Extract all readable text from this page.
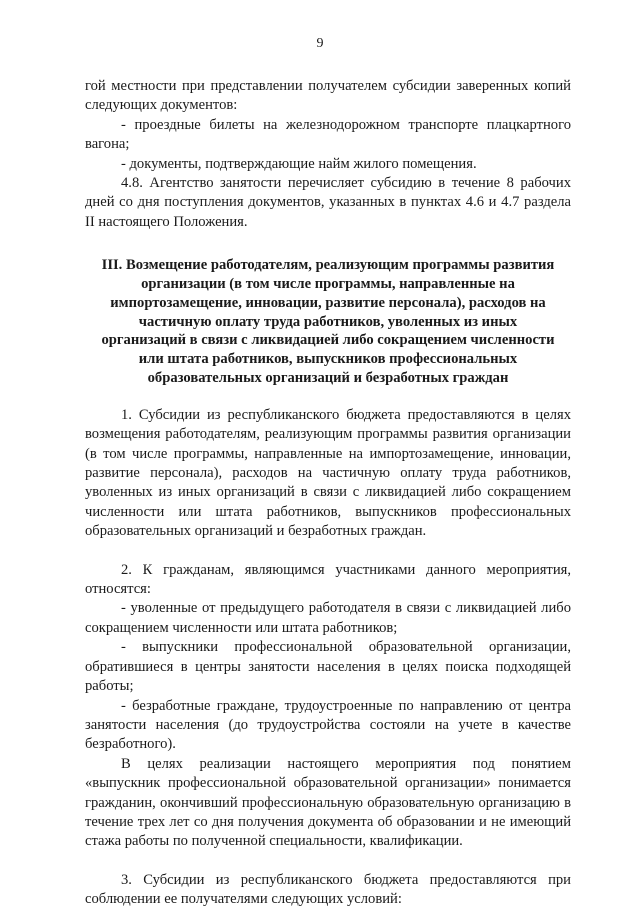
9

гой местности при представлении получателем субсидии заверенных копий следующих документов:

- проездные билеты на железнодорожном транспорте плацкартного вагона;

- документы, подтверждающие найм жилого помещения.

4.8. Агентство занятости перечисляет субсидию в течение 8 рабочих дней со дня поступления документов, указанных в пунктах 4.6 и 4.7 раздела II настоящего Положения.

III. Возмещение работодателям, реализующим программы развития организации (в том числе программы, направленные на импортозамещение, инновации, развитие персонала), расходов на частичную оплату труда работников, уволенных из иных организаций в связи с ликвидацией либо сокращением численности или штата работников, выпускников профессиональных образовательных организаций и безработных граждан

1. Субсидии из республиканского бюджета предоставляются в целях возмещения работодателям, реализующим программы развития организации (в том числе программы, направленные на импортозамещение, инновации, развитие персонала), расходов на частичную оплату труда работников, уволенных из иных организаций в связи с ликвидацией либо сокращением численности или штата работников, выпускников профессиональных образовательных организаций и безработных граждан.

2. К гражданам, являющимся участниками данного мероприятия, относятся:

- уволенные от предыдущего работодателя в связи с ликвидацией либо сокращением численности или штата работников;

- выпускники профессиональной образовательной организации, обратившиеся в центры занятости населения в целях поиска подходящей работы;

- безработные граждане, трудоустроенные по направлению от центра занятости населения (до трудоустройства состояли на учете в качестве безработного).

В целях реализации настоящего мероприятия под понятием «выпускник профессиональной образовательной организации» понимается гражданин, окончивший профессиональную образовательную организацию в течение трех лет со дня получения документа об образовании и не имеющий стажа работы по полученной специальности, квалификации.

3. Субсидии из республиканского бюджета предоставляются при соблюдении ее получателями следующих условий:
